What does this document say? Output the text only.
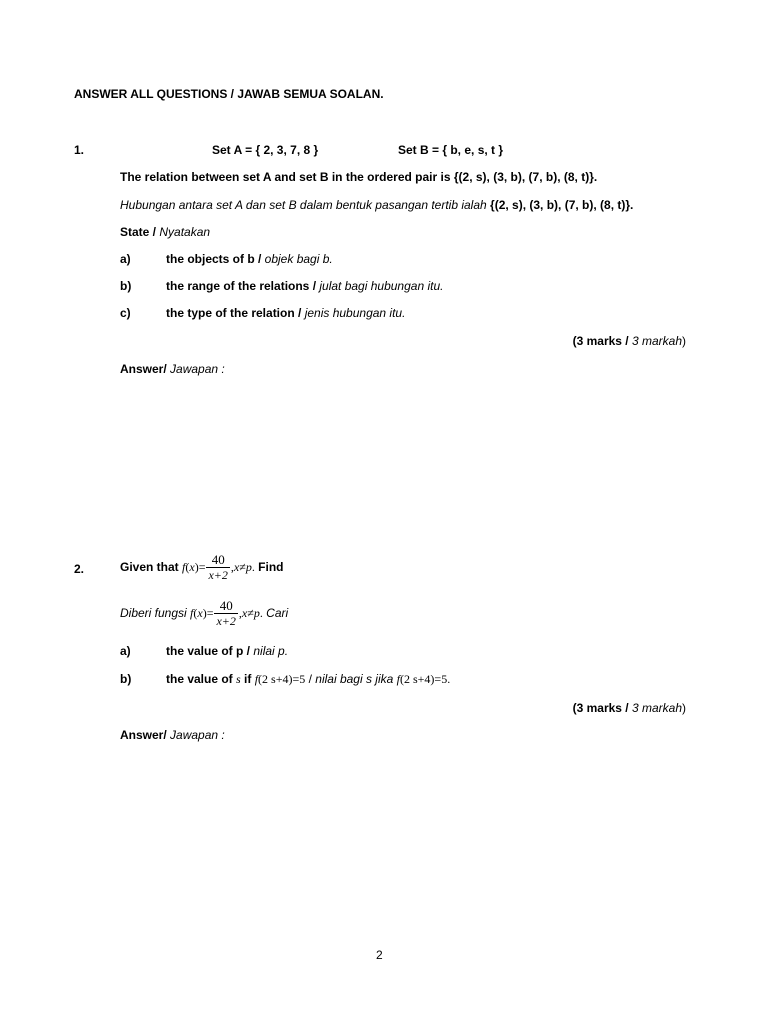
ANSWER ALL QUESTIONS / JAWAB SEMUA SOALAN.
1.	Set A = { 2, 3, 7, 8 }	Set B = { b, e, s, t }
The relation between set A and set B in the ordered pair is {(2, s), (3, b), (7, b), (8, t)}.
Hubungan antara set A dan set B dalam bentuk pasangan tertib ialah {(2, s), (3, b), (7, b), (8, t)}.
State / Nyatakan
a)	the objects of b / objek bagi b.
b)	the range of the relations / julat bagi hubungan itu.
c)	the type of the relation / jenis hubungan itu.
(3 marks / 3 markah)
Answer/ Jawapan :
2.	Given that $f(x)= \frac{40}{x+2} ,x\ne p$. Find
Diberi fungsi $f(x)= \frac{40}{x+2} ,x\ne p$. Cari
a)	the value of p / nilai p.
b)	the value of s if f(2 s+4)=5 / nilai bagi s jika f(2 s+4)=5.
(3 marks / 3 markah)
Answer/ Jawapan :
2
